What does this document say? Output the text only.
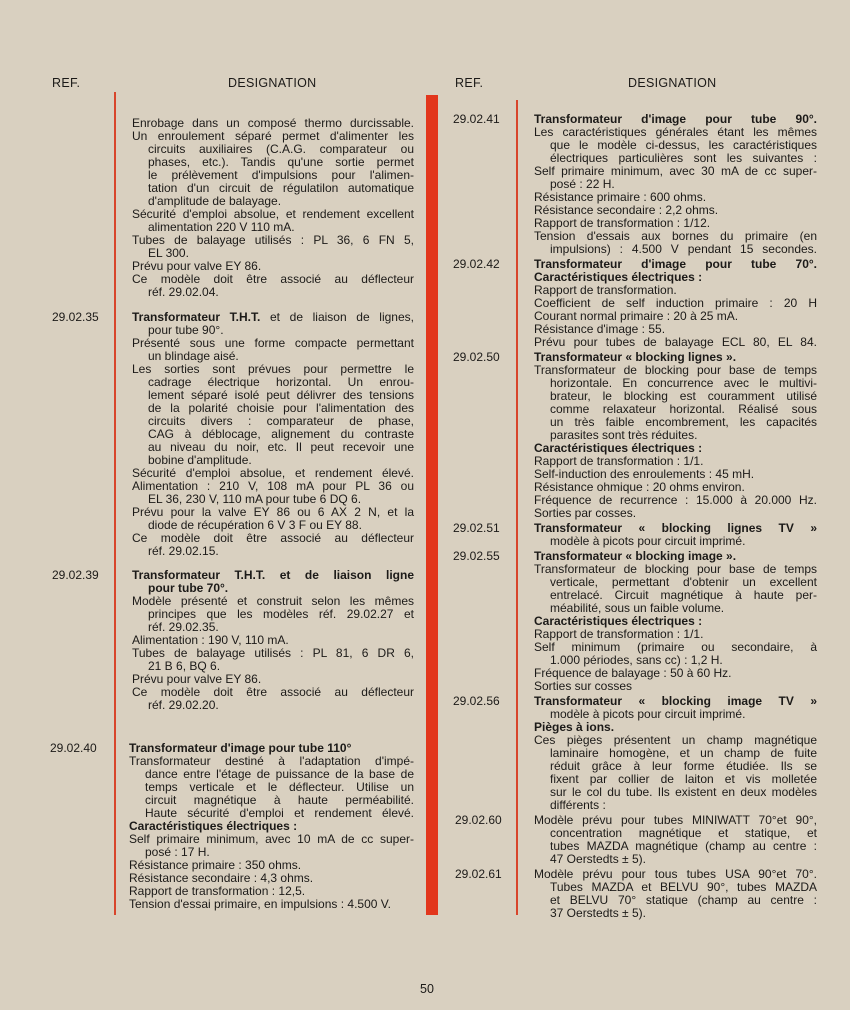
REF.	DESIGNATION	REF.	DESIGNATION
Enrobage dans un composé thermo durcissable.
Un enroulement séparé permet d'alimenter les
circuits auxiliaires (C.A.G. comparateur ou
phases, etc.). Tandis qu'une sortie permet
le prélèvement d'impulsions pour l'alimen-
tation d'un circuit de régulatilon automatique
d'amplitude de balayage.
Sécurité d'emploi absolue, et rendement excellent
alimentation 220 V 110 mA.
Tubes de balayage utilisés : PL 36, 6 FN 5,
EL 300.
Prévu pour valve EY 86.
Ce modèle doit être associé au déflecteur
réf. 29.02.04.
29.02.35	Transformateur T.H.T. et de liaison de lignes,
pour tube 90°.
Présenté sous une forme compacte permettant
un blindage aisé.
Les sorties sont prévues pour permettre le
cadrage électrique horizontal. Un enrou-
lement séparé isolé peut délivrer des tensions
de la polarité choisie pour l'alimentation des
circuits divers : comparateur de phase,
CAG à déblocage, alignement du contraste
au niveau du noir, etc. Il peut recevoir une
bobine d'amplitude.
Sécurité d'emploi absolue, et rendement élevé.
Alimentation : 210 V, 108 mA pour PL 36 ou
EL 36, 230 V, 110 mA pour tube 6 DQ 6.
Prévu pour la valve EY 86 ou 6 AX 2 N, et la
diode de récupération 6 V 3 F ou EY 88.
Ce modèle doit être associé au déflecteur
réf. 29.02.15.
29.02.39	Transformateur T.H.T. et de liaison ligne
pour tube 70°.
Modèle présenté et construit selon les mêmes
principes que les modèles réf. 29.02.27 et
réf. 29.02.35.
Alimentation : 190 V, 110 mA.
Tubes de balayage utilisés : PL 81, 6 DR 6,
21 B 6, BQ 6.
Prévu pour valve EY 86.
Ce modèle doit être associé au déflecteur
réf. 29.02.20.
29.02.40	Transformateur d'image pour tube 110°
Transformateur destiné à l'adaptation d'impé-
dance entre l'étage de puissance de la base de
temps verticale et le déflecteur. Utilise un
circuit magnétique à haute perméabilité.
Haute sécurité d'emploi et rendement élevé.
Caractéristiques électriques :
Self primaire minimum, avec 10 mA de cc super-
posé : 17 H.
Résistance primaire : 350 ohms.
Résistance secondaire : 4,3 ohms.
Rapport de transformation : 12,5.
Tension d'essai primaire, en impulsions : 4.500 V.
29.02.41	Transformateur d'image pour tube 90°.
Les caractéristiques générales étant les mêmes
que le modèle ci-dessus, les caractéristiques
électriques particulières sont les suivantes :
Self primaire minimum, avec 30 mA de cc super-
posé : 22 H.
Résistance primaire : 600 ohms.
Résistance secondaire : 2,2 ohms.
Rapport de transformation : 1/12.
Tension d'essais aux bornes du primaire (en
impulsions) : 4.500 V pendant 15 secondes.
29.02.42	Transformateur d'image pour tube 70°.
Caractéristiques électriques :
Rapport de transformation.
Coefficient de self induction primaire : 20 H
Courant normal primaire : 20 à 25 mA.
Résistance d'image : 55.
Prévu pour tubes de balayage ECL 80, EL 84.
29.02.50	Transformateur « blocking lignes ».
Transformateur de blocking pour base de temps
horizontale. En concurrence avec le multivi-
brateur, le blocking est couramment utilisé
comme relaxateur horizontal. Réalisé sous
un très faible encombrement, les capacités
parasites sont très réduites.
Caractéristiques électriques :
Rapport de transformation : 1/1.
Self-induction des enroulements : 45 mH.
Résistance ohmique : 20 ohms environ.
Fréquence de recurrence : 15.000 à 20.000 Hz.
Sorties par cosses.
29.02.51	Transformateur « blocking lignes TV »
modèle à picots pour circuit imprimé.
29.02.55	Transformateur « blocking image ».
Transformateur de blocking pour base de temps
verticale, permettant d'obtenir un excellent
entrelacé. Circuit magnétique à haute per-
méabilité, sous un faible volume.
Caractéristiques électriques :
Rapport de transformation : 1/1.
Self minimum (primaire ou secondaire, à
1.000 périodes, sans cc) : 1,2 H.
Fréquence de balayage : 50 à 60 Hz.
Sorties sur cosses
29.02.56	Transformateur « blocking image TV »
modèle à picots pour circuit imprimé.
Pièges à ions.
Ces pièges présentent un champ magnétique
laminaire homogène, et un champ de fuite
réduit grâce à leur forme étudiée. Ils se
fixent par collier de laiton et vis molletée
sur le col du tube. Ils existent en deux modèles
différents :
29.02.60	Modèle prévu pour tubes MINIWATT 70°et 90°,
concentration magnétique et statique, et
tubes MAZDA magnétique (champ au centre :
47 Oerstedts ± 5).
29.02.61	Modèle prévu pour tous tubes USA 90°et 70°.
Tubes MAZDA et BELVU 90°, tubes MAZDA
et BELVU 70° statique (champ au centre :
37 Oerstedts ± 5).
50
